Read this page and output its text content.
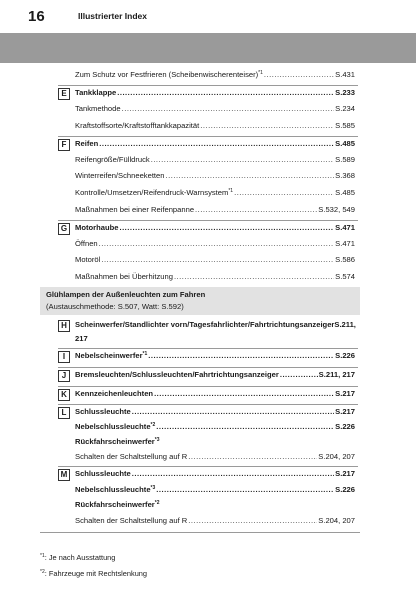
16	Illustrierter Index
Zum Schutz vor Festfrieren (Scheibenwischerenteiser)$^{*1}$ .....	S.431
E	Tankklappe .....	S.233
Tankmethode .....	S.234
Kraftstoffsorte/Kraftstofftankkapazität .....	S.585
F	Reifen .....	S.485
Reifengröße/Fülldruck .....	S.589
Winterreifen/Schneeketten .....	S.368
Kontrolle/Umsetzen/Reifendruck-Warnsystem$^{*1}$ .....	S.485
Maßnahmen bei einer Reifenpanne .....	S.532, 549
G	Motorhaube .....	S.471
Öffnen .....	S.471
Motoröl .....	S.586
Maßnahmen bei Überhitzung .....	S.574
Glühlampen der Außenleuchten zum Fahren
(Austauschmethode: S.507, Watt: S.592)
H	Scheinwerfer/Standlichter vorn/Tagesfahrlichter/FahrtrichtungsanzeigerS.211,
217
I	Nebelscheinwerfer$^{*1}$ .....	S.226
J	Bremsleuchten/Schlussleuchten/Fahrtrichtungsanzeiger .....	S.211, 217
K	Kennzeichenleuchten .....	S.217
L	Schlussleuchte .....	S.217
Nebelschlussleuchte$^{*2}$ .....	S.226
Rückfahrscheinwerfer$^{*3}$
Schalten der Schaltstellung auf R .....	S.204, 207
M	Schlussleuchte .....	S.217
Nebelschlussleuchte$^{*3}$ .....	S.226
Rückfahrscheinwerfer$^{*2}$
Schalten der Schaltstellung auf R .....	S.204, 207
$^{*1}$: Je nach Ausstattung
$^{*2}$: Fahrzeuge mit Rechtslenkung
